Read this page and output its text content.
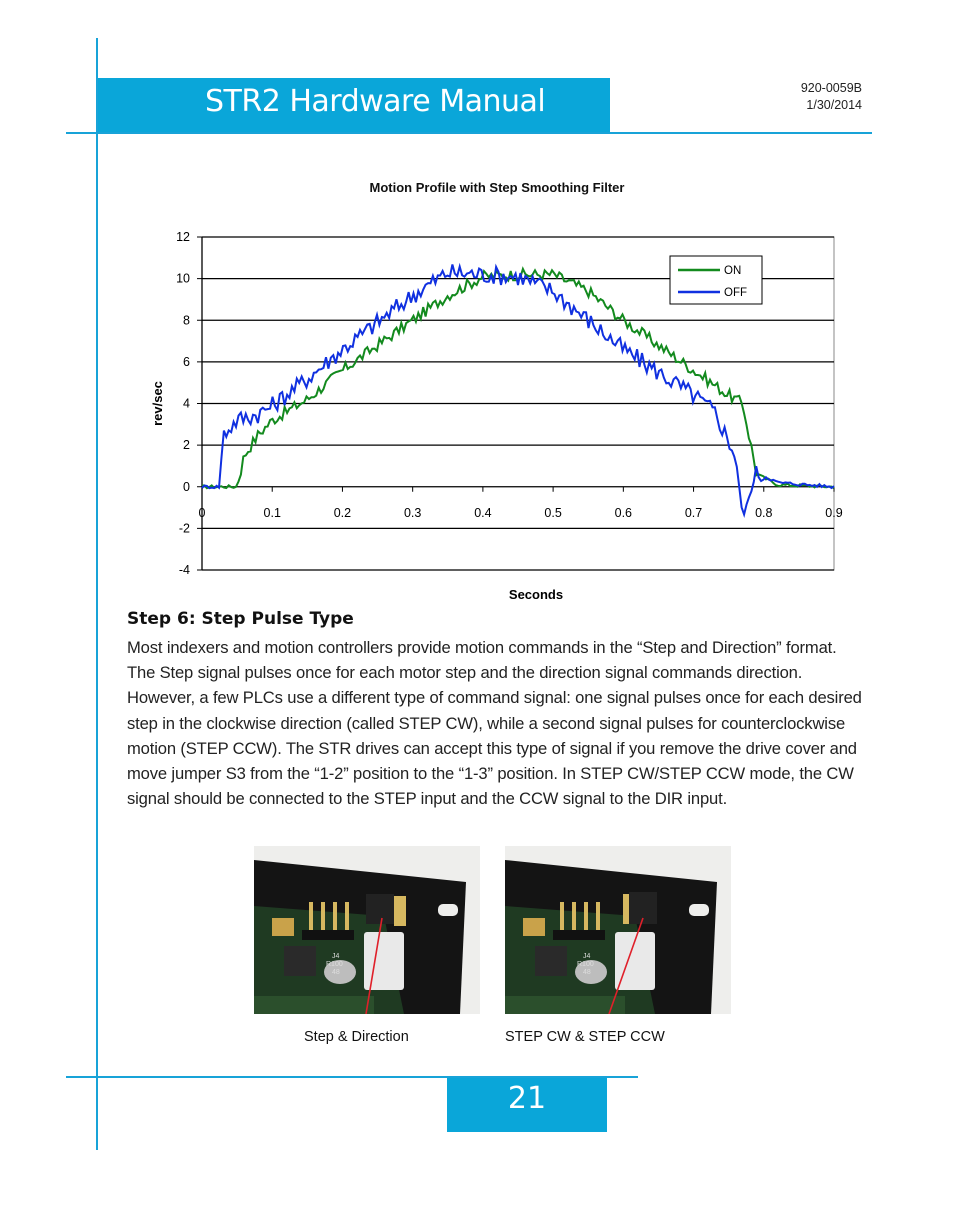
STR2 Hardware Manual	920-0059B
1/30/2014
Motion Profile with Step Smoothing Filter
12
10
8
6
4
2
0
-2
-4
0	0.1	0.2	0.3	0.4	0.5	0.6	0.7	0.8	0.9
Seconds
rev/sec
ON
OFF
Step 6: Step Pulse Type
Most indexers and motion controllers provide motion commands in the “Step and Direction” format. The Step signal pulses once for each motor step and the direction signal commands direction. However, a few PLCs use a different type of command signal: one signal pulses once for each desired step in the clockwise direction (called STEP CW), while a second signal pulses for counterclockwise motion (STEP CCW). The STR drives can accept this type of signal if you remove the drive cover and move jumper S3 from the “1-2” position to the “1-3” position. In STEP CW/STEP CCW mode, the CW signal should be connected to the STEP input and the CCW signal to the DIR input.
J4
R100
48
Step & Direction
J4
R100
48
STEP CW & STEP CCW
21
